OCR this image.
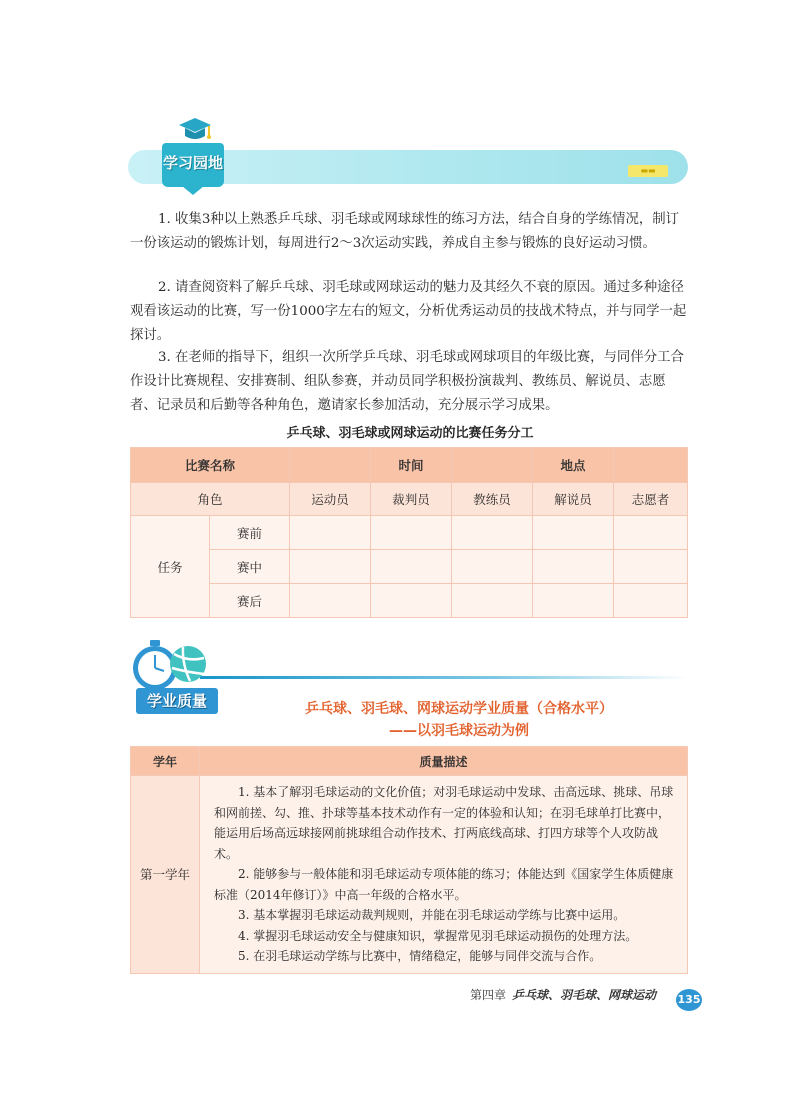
学习园地	▬▬

1. 收集3种以上熟悉乒乓球、羽毛球或网球球性的练习方法，结合自身的学练情况，制订一份该运动的锻炼计划，每周进行2～3次运动实践，养成自主参与锻炼的良好运动习惯。

2. 请查阅资料了解乒乓球、羽毛球或网球运动的魅力及其经久不衰的原因。通过多种途径观看该运动的比赛，写一份1000字左右的短文，分析优秀运动员的技战术特点，并与同学一起探讨。

3. 在老师的指导下，组织一次所学乒乓球、羽毛球或网球项目的年级比赛，与同伴分工合作设计比赛规程、安排赛制、组队参赛，并动员同学积极扮演裁判、教练员、解说员、志愿者、记录员和后勤等各种角色，邀请家长参加活动，充分展示学习成果。

乒乓球、羽毛球或网球运动的比赛任务分工
比赛名称			时间		地点	
角色		运动员	裁判员	教练员	解说员	志愿者
任务	赛前					
	赛中					
	赛后					
学业质量	乒乓球、羽毛球、网球运动学业质量（合格水平）
——以羽毛球运动为例
学年	质量描述
第一学年	1. 基本了解羽毛球运动的文化价值；对羽毛球运动中发球、击高远球、挑球、吊球和网前搓、勾、推、扑球等基本技术动作有一定的体验和认知；在羽毛球单打比赛中，能运用后场高远球接网前挑球组合动作技术、打两底线高球、打四方球等个人攻防战术。

2. 能够参与一般体能和羽毛球运动专项体能的练习；体能达到《国家学生体质健康标准（2014年修订）》中高一年级的合格水平。

3. 基本掌握羽毛球运动裁判规则，并能在羽毛球运动学练与比赛中运用。

4. 掌握羽毛球运动安全与健康知识，掌握常见羽毛球运动损伤的处理方法。

5. 在羽毛球运动学练与比赛中，情绪稳定，能够与同伴交流与合作。

第四章 乒乓球、羽毛球、网球运动	135
